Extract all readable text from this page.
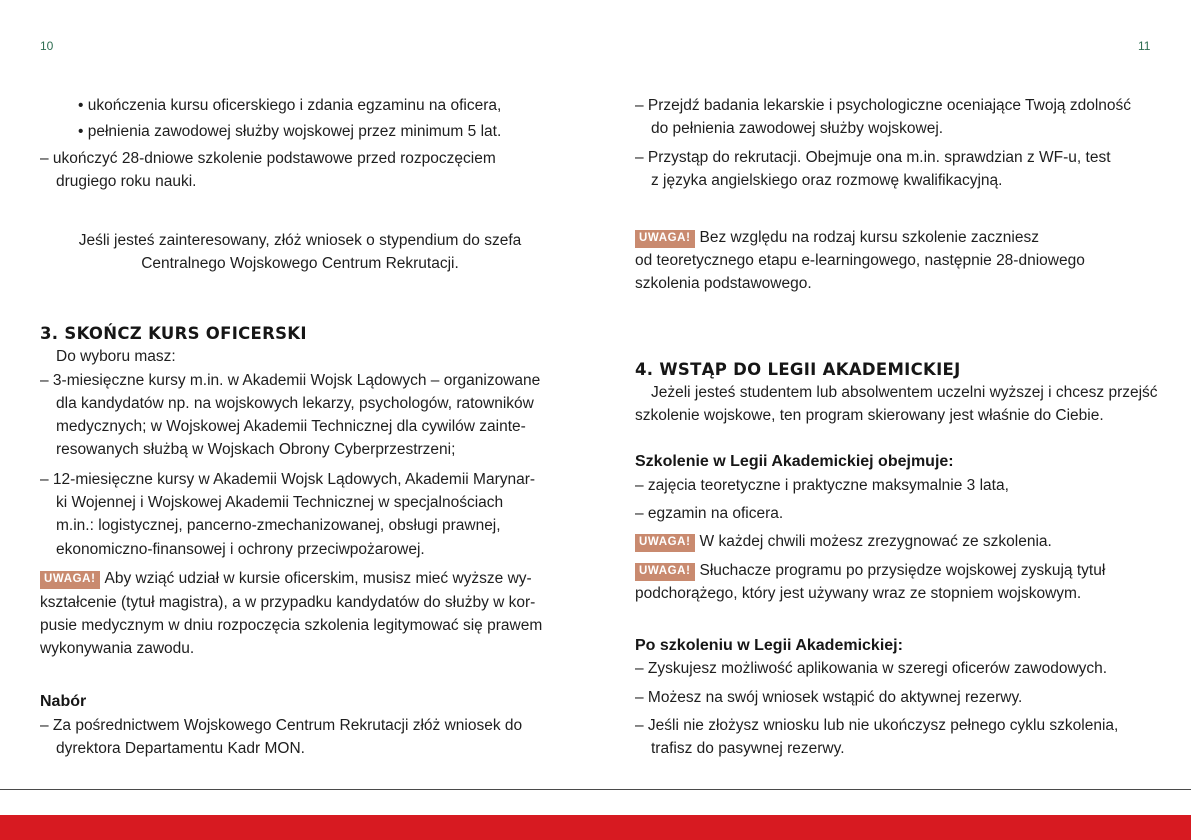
10	11
• ukończenia kursu oficerskiego i zdania egzaminu na oficera,
• pełnienia zawodowej służby wojskowej przez minimum 5 lat.
– ukończyć 28-dniowe szkolenie podstawowe przed rozpoczęciem
drugiego roku nauki.
Jeśli jesteś zainteresowany, złóż wniosek o stypendium do szefa
Centralnego Wojskowego Centrum Rekrutacji.
3. SKOŃCZ KURS OFICERSKI
Do wyboru masz:
– 3-miesięczne kursy m.in. w Akademii Wojsk Lądowych – organizowane
dla kandydatów np. na wojskowych lekarzy, psychologów, ratowników
medycznych; w Wojskowej Akademii Technicznej dla cywilów zainte-
resowanych służbą w Wojskach Obrony Cyberprzestrzeni;
– 12-miesięczne kursy w Akademii Wojsk Lądowych, Akademii Marynar-
ki Wojennej i Wojskowej Akademii Technicznej w specjalnościach
m.in.: logistycznej, pancerno-zmechanizowanej, obsługi prawnej,
ekonomiczno-finansowej i ochrony przeciwpożarowej.
UWAGA! Aby wziąć udział w kursie oficerskim, musisz mieć wyższe wy-
kształcenie (tytuł magistra), a w przypadku kandydatów do służby w kor-
pusie medycznym w dniu rozpoczęcia szkolenia legitymować się prawem
wykonywania zawodu.
Nabór
– Za pośrednictwem Wojskowego Centrum Rekrutacji złóż wniosek do
dyrektora Departamentu Kadr MON.
– Przejdź badania lekarskie i psychologiczne oceniające Twoją zdolność
do pełnienia zawodowej służby wojskowej.
– Przystąp do rekrutacji. Obejmuje ona m.in. sprawdzian z WF-u, test
z języka angielskiego oraz rozmowę kwalifikacyjną.
UWAGA! Bez względu na rodzaj kursu szkolenie zaczniesz
od teoretycznego etapu e-learningowego, następnie 28-dniowego
szkolenia podstawowego.
4. WSTĄP DO LEGII AKADEMICKIEJ
Jeżeli jesteś studentem lub absolwentem uczelni wyższej i chcesz przejść
szkolenie wojskowe, ten program skierowany jest właśnie do Ciebie.
Szkolenie w Legii Akademickiej obejmuje:
– zajęcia teoretyczne i praktyczne maksymalnie 3 lata,
– egzamin na oficera.
UWAGA! W każdej chwili możesz zrezygnować ze szkolenia.
UWAGA! Słuchacze programu po przysiędze wojskowej zyskują tytuł
podchorążego, który jest używany wraz ze stopniem wojskowym.
Po szkoleniu w Legii Akademickiej:
– Zyskujesz możliwość aplikowania w szeregi oficerów zawodowych.
– Możesz na swój wniosek wstąpić do aktywnej rezerwy.
– Jeśli nie złożysz wniosku lub nie ukończysz pełnego cyklu szkolenia,
trafisz do pasywnej rezerwy.
